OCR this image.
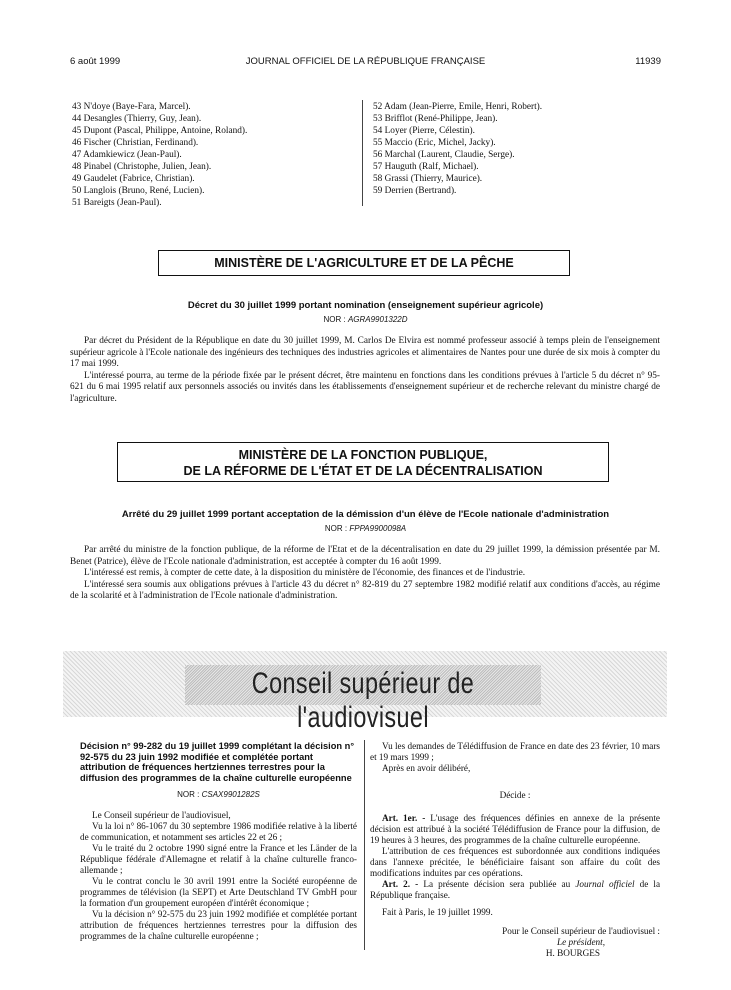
6 août 1999	JOURNAL OFFICIEL DE LA RÉPUBLIQUE FRANÇAISE	11939
43 N'doye (Baye-Fara, Marcel).
44 Desangles (Thierry, Guy, Jean).
45 Dupont (Pascal, Philippe, Antoine, Roland).
46 Fischer (Christian, Ferdinand).
47 Adamkiewicz (Jean-Paul).
48 Pinabel (Christophe, Julien, Jean).
49 Gaudelet (Fabrice, Christian).
50 Langlois (Bruno, René, Lucien).
51 Bareigts (Jean-Paul).
52 Adam (Jean-Pierre, Emile, Henri, Robert).
53 Brifflot (René-Philippe, Jean).
54 Loyer (Pierre, Célestin).
55 Maccio (Eric, Michel, Jacky).
56 Marchal (Laurent, Claudie, Serge).
57 Hauguth (Ralf, Michael).
58 Grassi (Thierry, Maurice).
59 Derrien (Bertrand).
MINISTÈRE DE L'AGRICULTURE ET DE LA PÊCHE
Décret du 30 juillet 1999 portant nomination (enseignement supérieur agricole)
NOR : AGRA9901322D

Par décret du Président de la République en date du 30 juillet 1999, M. Carlos De Elvira est nommé professeur associé à temps plein de l'enseignement supérieur agricole à l'Ecole nationale des ingénieurs des techniques des industries agricoles et alimentaires de Nantes pour une durée de six mois à compter du 17 mai 1999.

L'intéressé pourra, au terme de la période fixée par le présent décret, être maintenu en fonctions dans les conditions prévues à l'article 5 du décret n° 95-621 du 6 mai 1995 relatif aux personnels associés ou invités dans les établissements d'enseignement supérieur et de recherche relevant du ministre chargé de l'agriculture.

MINISTÈRE DE LA FONCTION PUBLIQUE,
DE LA RÉFORME DE L'ÉTAT ET DE LA DÉCENTRALISATION
Arrêté du 29 juillet 1999 portant acceptation de la démission d'un élève de l'Ecole nationale d'administration
NOR : FPPA9900098A

Par arrêté du ministre de la fonction publique, de la réforme de l'Etat et de la décentralisation en date du 29 juillet 1999, la démission présentée par M. Benet (Patrice), élève de l'Ecole nationale d'administration, est acceptée à compter du 16 août 1999.

L'intéressé est remis, à compter de cette date, à la disposition du ministère de l'économie, des finances et de l'industrie.

L'intéressé sera soumis aux obligations prévues à l'article 43 du décret n° 82-819 du 27 septembre 1982 modifié relatif aux conditions d'accès, au régime de la scolarité et à l'administration de l'Ecole nationale d'administration.

Conseil supérieur de l'audiovisuel
Décision n° 99-282 du 19 juillet 1999 complétant la décision n° 92-575 du 23 juin 1992 modifiée et complétée portant attribution de fréquences hertziennes terrestres pour la diffusion des programmes de la chaîne culturelle européenne
NOR : CSAX9901282S

Le Conseil supérieur de l'audiovisuel,

Vu la loi n° 86-1067 du 30 septembre 1986 modifiée relative à la liberté de communication, et notamment ses articles 22 et 26 ;

Vu le traité du 2 octobre 1990 signé entre la France et les Länder de la République fédérale d'Allemagne et relatif à la chaîne culturelle franco-allemande ;

Vu le contrat conclu le 30 avril 1991 entre la Société européenne de programmes de télévision (la SEPT) et Arte Deutschland TV GmbH pour la formation d'un groupement européen d'intérêt économique ;

Vu la décision n° 92-575 du 23 juin 1992 modifiée et complétée portant attribution de fréquences hertziennes terrestres pour la diffusion des programmes de la chaîne culturelle européenne ;

Vu les demandes de Télédiffusion de France en date des 23 février, 10 mars et 19 mars 1999 ;

Après en avoir délibéré,

Décide :

Art. 1er. - L'usage des fréquences définies en annexe de la présente décision est attribué à la société Télédiffusion de France pour la diffusion, de 19 heures à 3 heures, des programmes de la chaîne culturelle européenne.

L'attribution de ces fréquences est subordonnée aux conditions indiquées dans l'annexe précitée, le bénéficiaire faisant son affaire du coût des modifications induites par ces opérations.

Art. 2. - La présente décision sera publiée au Journal officiel de la République française.

Fait à Paris, le 19 juillet 1999.

Pour le Conseil supérieur de l'audiovisuel :
Le président,
H. BOURGES
